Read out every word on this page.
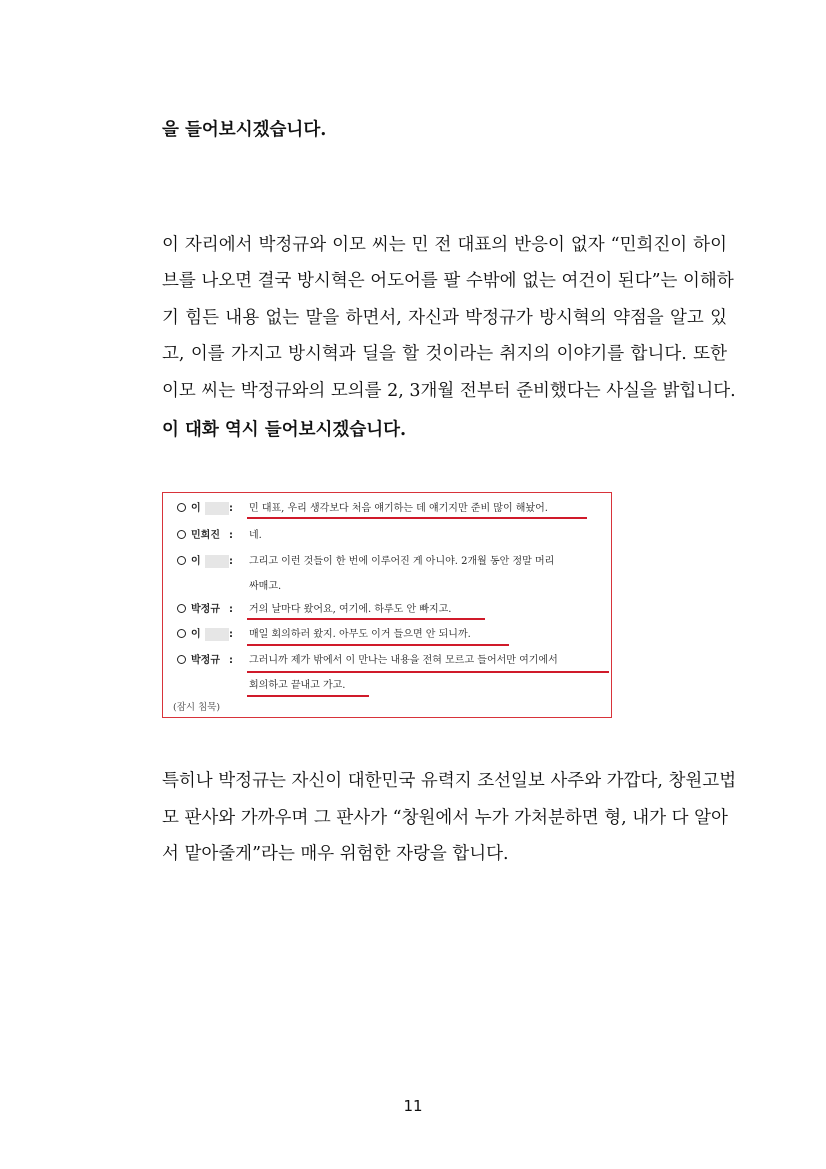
을 들어보시겠습니다.
이 자리에서 박정규와 이모 씨는 민 전 대표의 반응이 없자 “민희진이 하이
브를 나오면 결국 방시혁은 어도어를 팔 수밖에 없는 여건이 된다”는 이해하
기 힘든 내용 없는 말을 하면서, 자신과 박정규가 방시혁의 약점을 알고 있
고, 이를 가지고 방시혁과 딜을 할 것이라는 취지의 이야기를 합니다. 또한
이모 씨는 박정규와의 모의를 2, 3개월 전부터 준비했다는 사실을 밝힙니다.
이 대화 역시 들어보시겠습니다.
이	: 민 대표, 우리 생각보다 처음 얘기하는 데 얘기지만 준비 많이 해놨어.
민희진 : 네.
이	: 그리고 이런 것들이 한 번에 이루어진 게 아니야. 2개월 동안 정말 머리
싸매고.
박정규 : 거의 날마다 왔어요, 여기에. 하루도 안 빠지고.
이	: 매일 회의하러 왔지. 아무도 이거 들으면 안 되니까.
박정규 : 그러니까 제가 밖에서 이 만나는 내용을 전혀 모르고 들어서만 여기에서
회의하고 끝내고 가고.
(잠시 침묵)
특히나 박정규는 자신이 대한민국 유력지 조선일보 사주와 가깝다, 창원고법
모 판사와 가까우며 그 판사가 “창원에서 누가 가처분하면 형, 내가 다 알아
서 맡아줄게”라는 매우 위험한 자랑을 합니다.
11
